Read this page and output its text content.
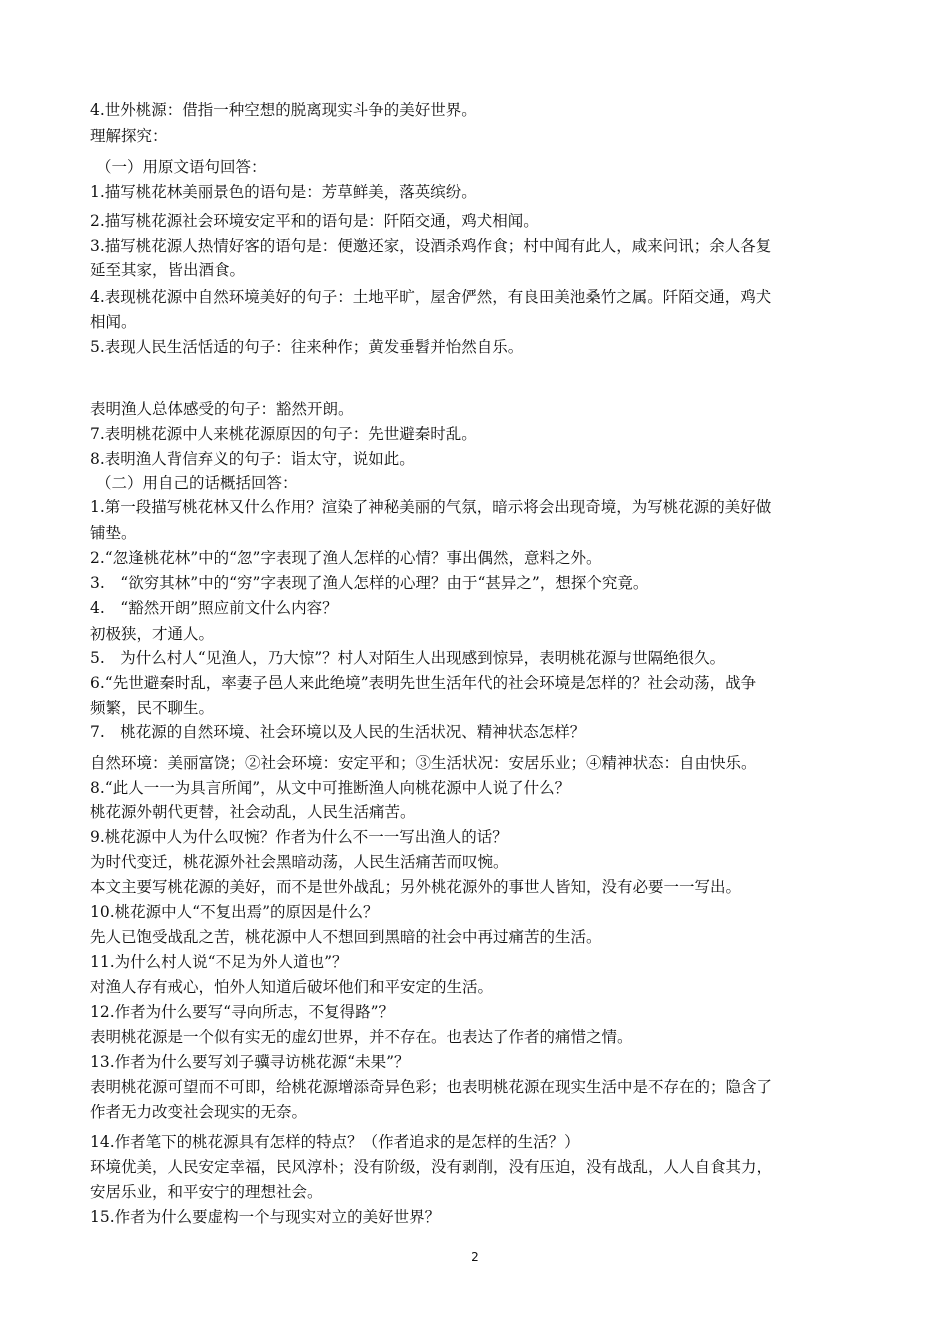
4.世外桃源：借指一种空想的脱离现实斗争的美好世界。
理解探究：
（一）用原文语句回答：
1.描写桃花林美丽景色的语句是：芳草鲜美，落英缤纷。
2.描写桃花源社会环境安定平和的语句是：阡陌交通，鸡犬相闻。
3.描写桃花源人热情好客的语句是：便邀还家，设酒杀鸡作食；村中闻有此人，咸来问讯；余人各复
延至其家，皆出酒食。
4.表现桃花源中自然环境美好的句子：土地平旷，屋舍俨然，有良田美池桑竹之属。阡陌交通，鸡犬
相闻。
5.表现人民生活恬适的句子：往来种作；黄发垂髫并怡然自乐。
表明渔人总体感受的句子：豁然开朗。
7.表明桃花源中人来桃花源原因的句子：先世避秦时乱。
8.表明渔人背信弃义的句子：诣太守，说如此。
（二）用自己的话概括回答：
1.第一段描写桃花林又什么作用？渲染了神秘美丽的气氛，暗示将会出现奇境，为写桃花源的美好做
铺垫。
2.“忽逢桃花林”中的“忽”字表现了渔人怎样的心情？事出偶然，意料之外。
3.　“欲穷其林”中的“穷”字表现了渔人怎样的心理？由于“甚异之”，想探个究竟。
4.　“豁然开朗”照应前文什么内容？
初极狭，才通人。
5.　为什么村人“见渔人，乃大惊”？村人对陌生人出现感到惊异，表明桃花源与世隔绝很久。
6.“先世避秦时乱，率妻子邑人来此绝境”表明先世生活年代的社会环境是怎样的？社会动荡，战争
频繁，民不聊生。
7.　桃花源的自然环境、社会环境以及人民的生活状况、精神状态怎样？
自然环境：美丽富饶；②社会环境：安定平和；③生活状况：安居乐业；④精神状态：自由快乐。
8.“此人一一为具言所闻”，从文中可推断渔人向桃花源中人说了什么？
桃花源外朝代更替，社会动乱，人民生活痛苦。
9.桃花源中人为什么叹惋？作者为什么不一一写出渔人的话？
为时代变迁，桃花源外社会黑暗动荡，人民生活痛苦而叹惋。
本文主要写桃花源的美好，而不是世外战乱；另外桃花源外的事世人皆知，没有必要一一写出。
10.桃花源中人“不复出焉”的原因是什么？
先人已饱受战乱之苦，桃花源中人不想回到黑暗的社会中再过痛苦的生活。
11.为什么村人说“不足为外人道也”？
对渔人存有戒心，怕外人知道后破坏他们和平安定的生活。
12.作者为什么要写“寻向所志，不复得路”？
表明桃花源是一个似有实无的虚幻世界，并不存在。也表达了作者的痛惜之情。
13.作者为什么要写刘子骥寻访桃花源“未果”？
表明桃花源可望而不可即，给桃花源增添奇异色彩；也表明桃花源在现实生活中是不存在的；隐含了
作者无力改变社会现实的无奈。
14.作者笔下的桃花源具有怎样的特点？（作者追求的是怎样的生活？）
环境优美，人民安定幸福，民风淳朴；没有阶级，没有剥削，没有压迫，没有战乱，人人自食其力，
安居乐业，和平安宁的理想社会。
15.作者为什么要虚构一个与现实对立的美好世界？
2
